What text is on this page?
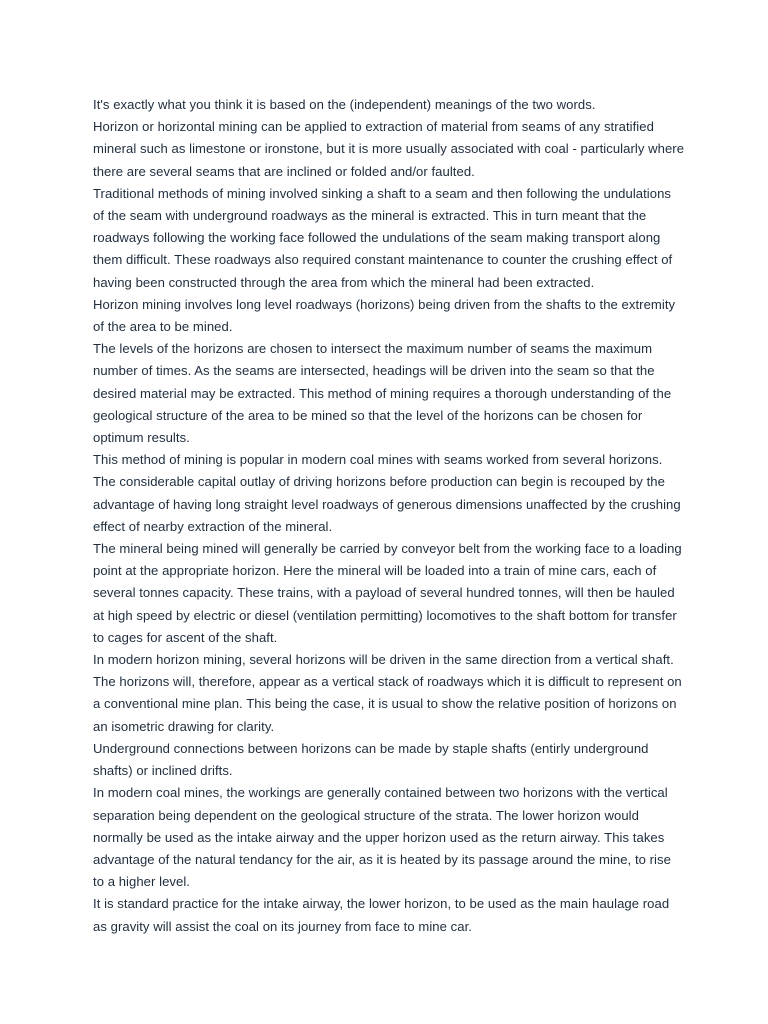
It's exactly what you think it is based on the (independent) meanings of the two words.

Horizon or horizontal mining can be applied to extraction of material from seams of any stratified mineral such as limestone or ironstone, but it is more usually associated with coal - particularly where there are several seams that are inclined or folded and/or faulted.

Traditional methods of mining involved sinking a shaft to a seam and then following the undulations of the seam with underground roadways as the mineral is extracted. This in turn meant that the roadways following the working face followed the undulations of the seam making transport along them difficult. These roadways also required constant maintenance to counter the crushing effect of having been constructed through the area from which the mineral had been extracted.

Horizon mining involves long level roadways (horizons) being driven from the shafts to the extremity of the area to be mined.

The levels of the horizons are chosen to intersect the maximum number of seams the maximum number of times. As the seams are intersected, headings will be driven into the seam so that the desired material may be extracted. This method of mining requires a thorough understanding of the geological structure of the area to be mined so that the level of the horizons can be chosen for optimum results.

This method of mining is popular in modern coal mines with seams worked from several horizons. The considerable capital outlay of driving horizons before production can begin is recouped by the advantage of having long straight level roadways of generous dimensions unaffected by the crushing effect of nearby extraction of the mineral.

The mineral being mined will generally be carried by conveyor belt from the working face to a loading point at the appropriate horizon. Here the mineral will be loaded into a train of mine cars, each of several tonnes capacity. These trains, with a payload of several hundred tonnes, will then be hauled at high speed by electric or diesel (ventilation permitting) locomotives to the shaft bottom for transfer to cages for ascent of the shaft.

In modern horizon mining, several horizons will be driven in the same direction from a vertical shaft. The horizons will, therefore, appear as a vertical stack of roadways which it is difficult to represent on a conventional mine plan. This being the case, it is usual to show the relative position of horizons on an isometric drawing for clarity.

Underground connections between horizons can be made by staple shafts (entirly underground shafts) or inclined drifts.

In modern coal mines, the workings are generally contained between two horizons with the vertical separation being dependent on the geological structure of the strata. The lower horizon would normally be used as the intake airway and the upper horizon used as the return airway. This takes advantage of the natural tendancy for the air, as it is heated by its passage around the mine, to rise to a higher level.

It is standard practice for the intake airway, the lower horizon, to be used as the main haulage road as gravity will assist the coal on its journey from face to mine car.
